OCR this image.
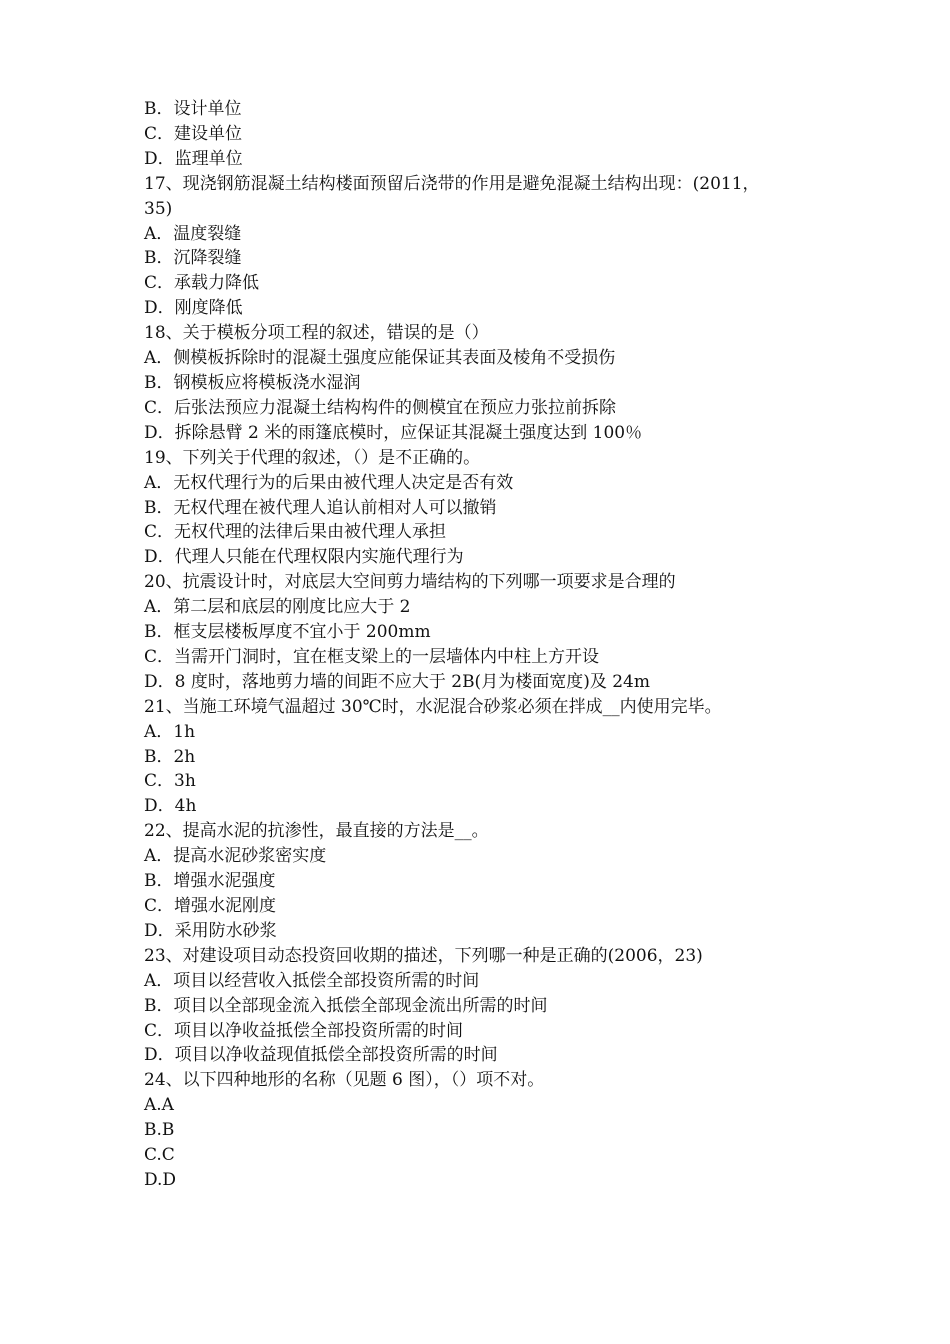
B．设计单位

C．建设单位

D．监理单位

17、现浇钢筋混凝土结构楼面预留后浇带的作用是避免混凝土结构出现：(2011，

35)

A．温度裂缝

B．沉降裂缝

C．承载力降低

D．刚度降低

18、关于模板分项工程的叙述，错误的是（）

A．侧模板拆除时的混凝土强度应能保证其表面及棱角不受损伤

B．钢模板应将模板浇水湿润

C．后张法预应力混凝土结构构件的侧模宜在预应力张拉前拆除

D．拆除悬臂 2 米的雨篷底模时，应保证其混凝土强度达到 100％

19、下列关于代理的叙述，（）是不正确的。

A．无权代理行为的后果由被代理人决定是否有效

B．无权代理在被代理人追认前相对人可以撤销

C．无权代理的法律后果由被代理人承担

D．代理人只能在代理权限内实施代理行为

20、抗震设计时，对底层大空间剪力墙结构的下列哪一项要求是合理的

A．第二层和底层的刚度比应大于 2

B．框支层楼板厚度不宜小于 200mm

C．当需开门洞时，宜在框支梁上的一层墙体内中柱上方开设

D．8 度时，落地剪力墙的间距不应大于 2B(月为楼面宽度)及 24m

21、当施工环境气温超过 30℃时，水泥混合砂浆必须在拌成__内使用完毕。

A．1h

B．2h

C．3h

D．4h

22、提高水泥的抗渗性，最直接的方法是__。

A．提高水泥砂浆密实度

B．增强水泥强度

C．增强水泥刚度

D．采用防水砂浆

23、对建设项目动态投资回收期的描述，下列哪一种是正确的(2006，23)

A．项目以经营收入抵偿全部投资所需的时间

B．项目以全部现金流入抵偿全部现金流出所需的时间

C．项目以净收益抵偿全部投资所需的时间

D．项目以净收益现值抵偿全部投资所需的时间

24、以下四种地形的名称（见题 6 图），（）项不对。

A.A

B.B

C.C

D.D
